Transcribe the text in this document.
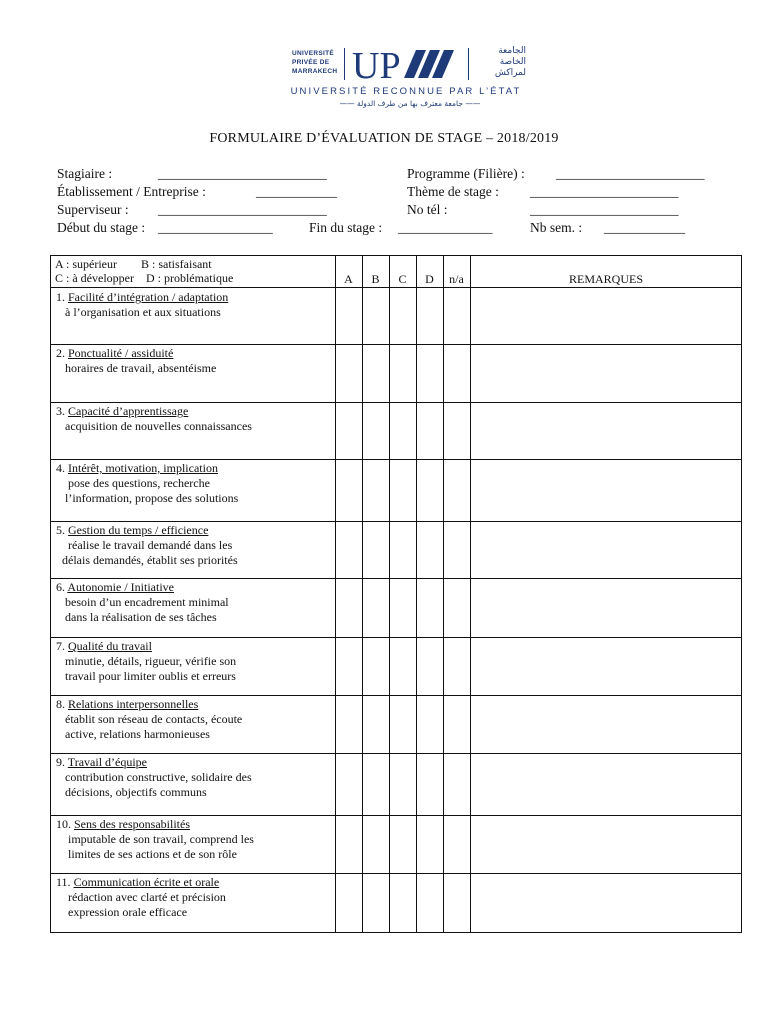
UNIVERSITÉ
PRIVÉE DE
MARRAKECH UP	الجامعة
الخاصة
لمراكش
UNIVERSITÉ RECONNUE PAR L’ÉTAT
—— جامعة معترف بها من طرف الدولة ——
FORMULAIRE D’ÉVALUATION DE STAGE – 2018/2019
Stagiaire :	_________________________	Programme (Filière) : ______________________
Établissement / Entreprise :	____________	Thème de stage : ______________________
Superviseur : _________________________	No tél :	______________________
Début du stage : _________________	Fin du stage : ______________	Nb sem. : ____________
A : supérieur        B : satisfaisant
C : à développer    D : problématique	A	B	C	D	n/a	REMARQUES
1. Facilité d’intégration / adaptation
à l’organisation et aux situations
2. Ponctualité / assiduité
horaires de travail, absentéisme
3. Capacité d’apprentissage
acquisition de nouvelles connaissances
4. Intérêt, motivation, implication
pose des questions, recherche
l’information, propose des solutions
5. Gestion du temps / efficience
réalise le travail demandé dans les
délais demandés, établit ses priorités
6. Autonomie / Initiative
besoin d’un encadrement minimal
dans la réalisation de ses tâches
7. Qualité du travail
minutie, détails, rigueur, vérifie son
travail pour limiter oublis et erreurs
8. Relations interpersonnelles
établit son réseau de contacts, écoute
active, relations harmonieuses
9. Travail d’équipe
contribution constructive, solidaire des
décisions, objectifs communs
10. Sens des responsabilités
imputable de son travail, comprend les
limites de ses actions et de son rôle
11. Communication écrite et orale
rédaction avec clarté et précision
expression orale efficace
